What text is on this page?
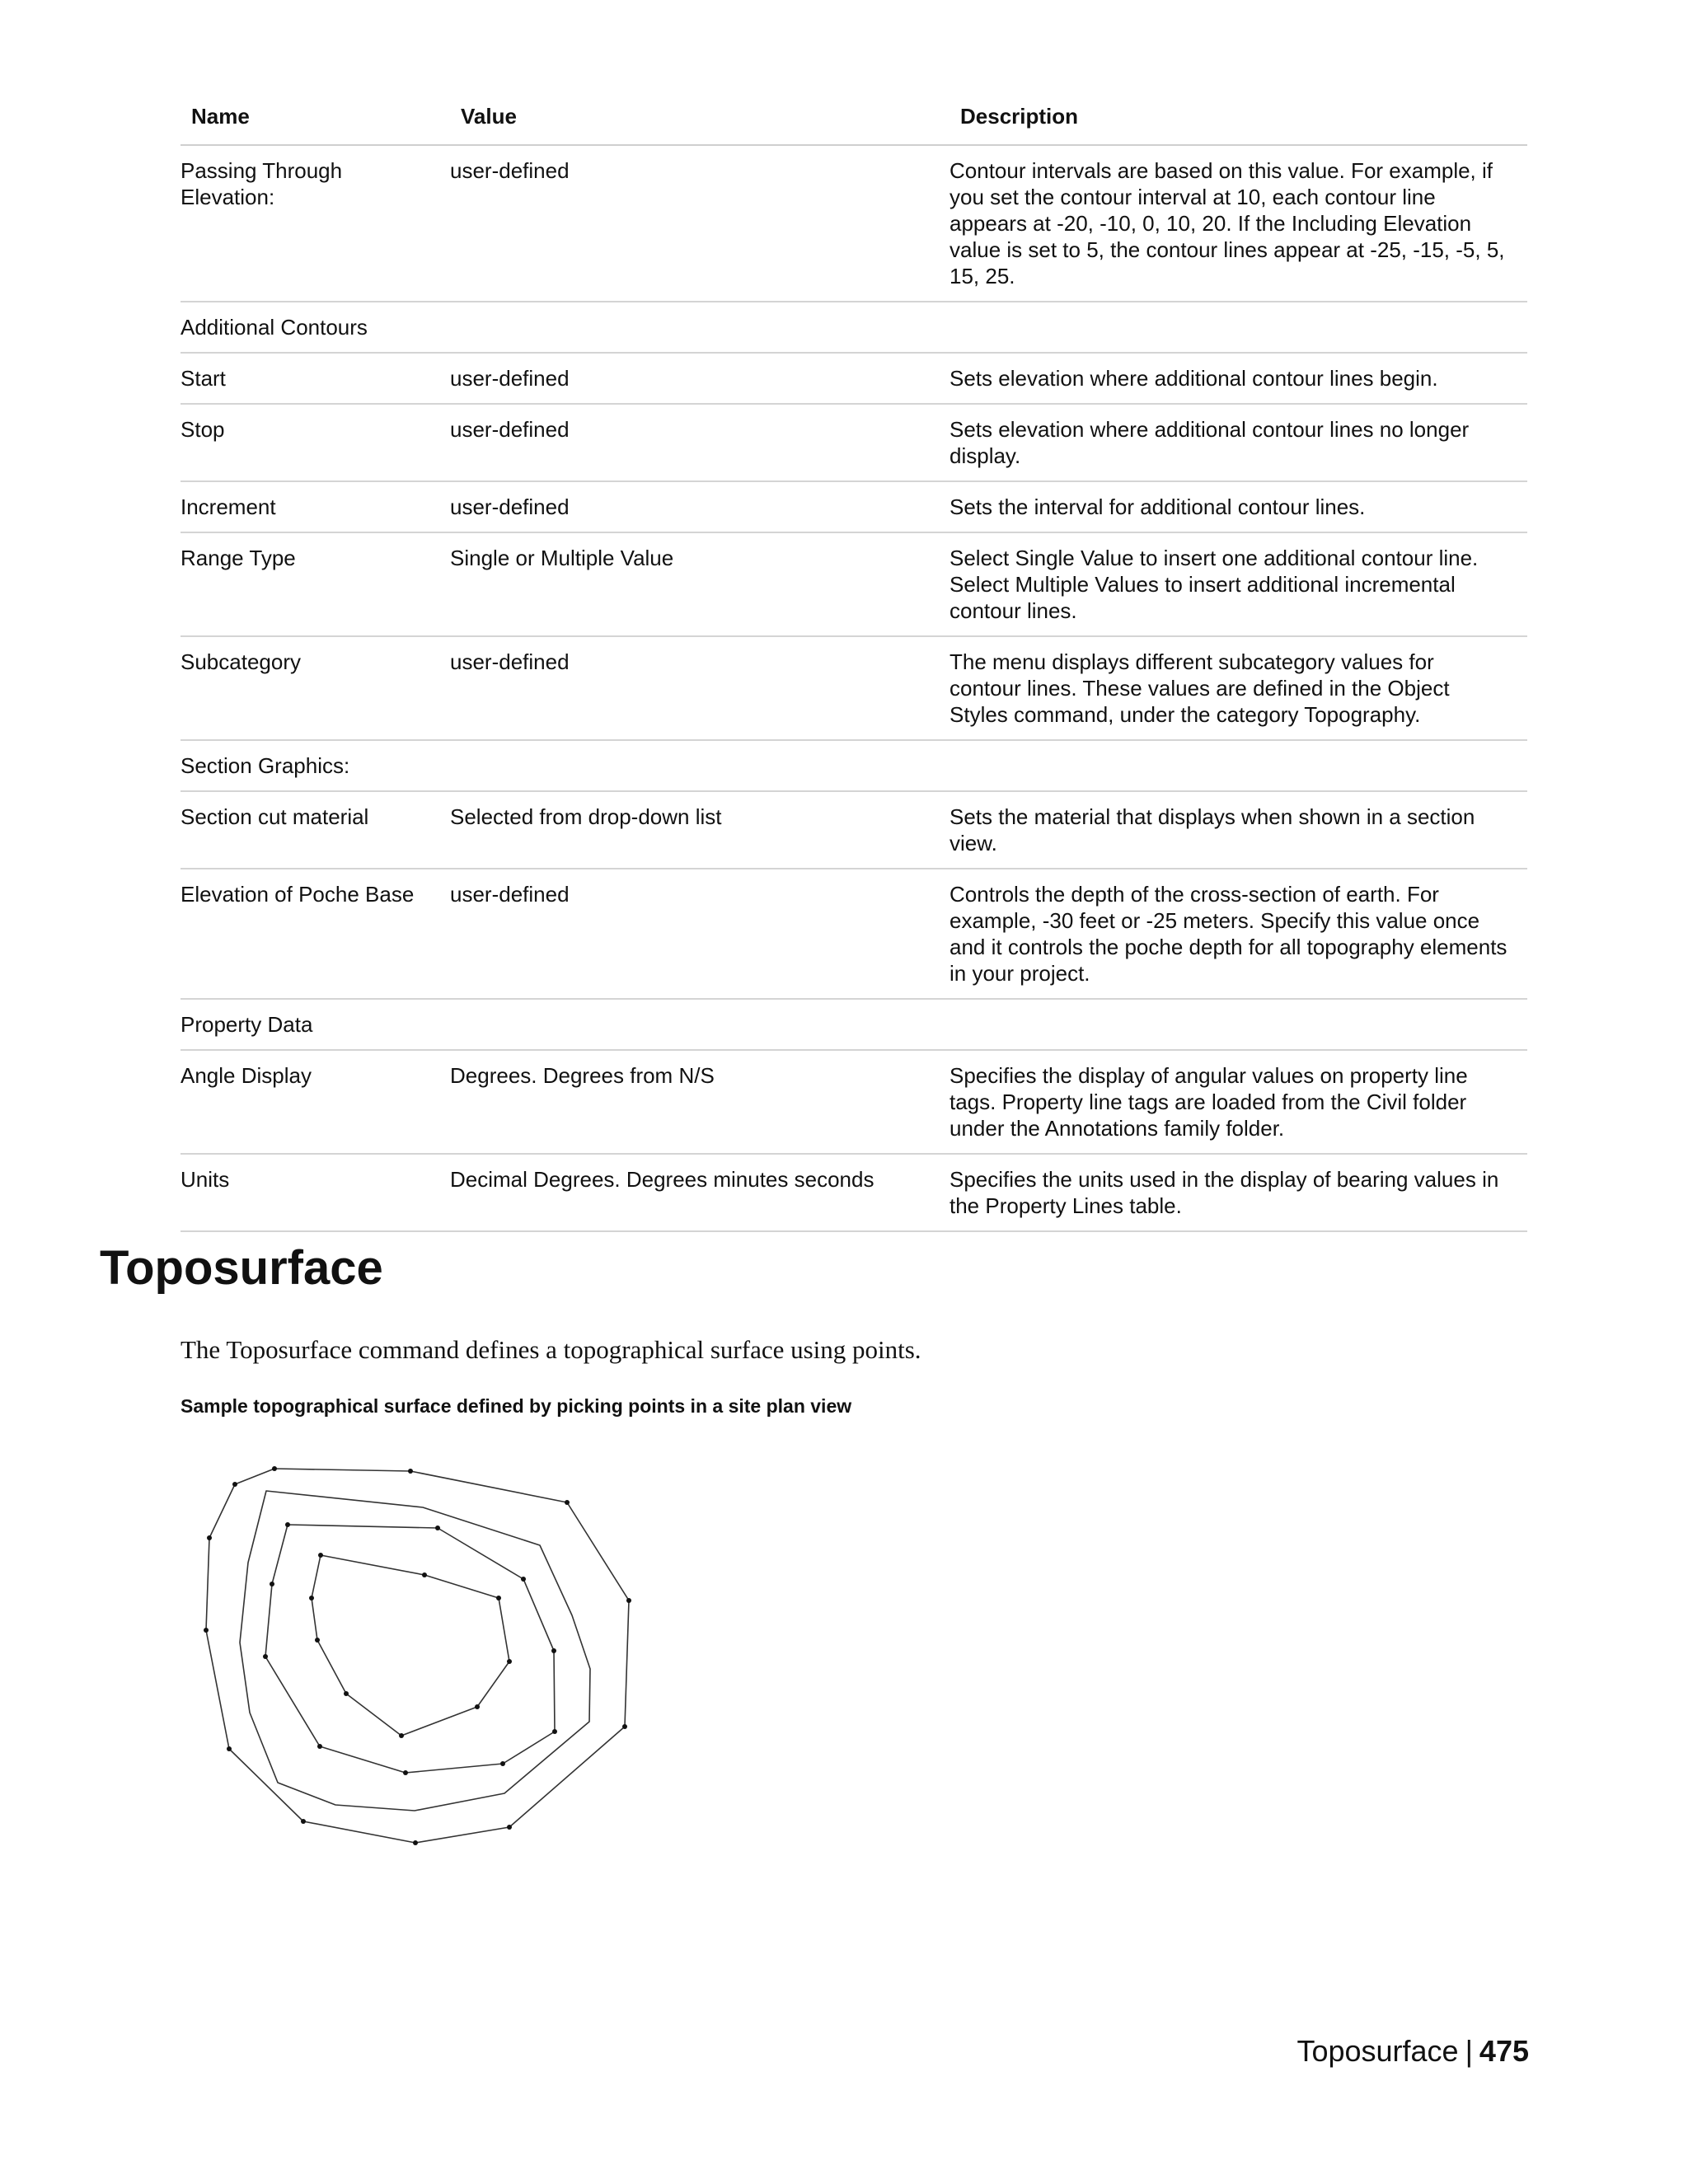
Name	Value	Description
Passing Through Elevation:	user-defined	Contour intervals are based on this value. For example, if you set the contour interval at 10, each contour line appears at -20, -10, 0, 10, 20. If the Including Elevation value is set to 5, the contour lines appear at -25, -15, -5, 5, 15, 25.
Additional Contours		
Start	user-defined	Sets elevation where additional contour lines begin.
Stop	user-defined	Sets elevation where additional contour lines no longer display.
Increment	user-defined	Sets the interval for additional contour lines.
Range Type	Single or Multiple Value	Select Single Value to insert one additional contour line. Select Multiple Values to insert additional incremental contour lines.
Subcategory	user-defined	The menu displays different subcategory values for contour lines. These values are defined in the Object Styles command, under the category Topography.
Section Graphics:		
Section cut material	Selected from drop-down list	Sets the material that displays when shown in a section view.
Elevation of Poche Base	user-defined	Controls the depth of the cross-section of earth. For example, -30 feet or -25 meters. Specify this value once and it controls the poche depth for all topography elements in your project.
Property Data		
Angle Display	Degrees. Degrees from N/S	Specifies the display of angular values on property line tags. Property line tags are loaded from the Civil folder under the Annotations family folder.
Units	Decimal Degrees. Degrees minutes seconds	Specifies the units used in the display of bearing values in the Property Lines table.
Toposurface

The Toposurface command defines a topographical surface using points.

Sample topographical surface defined by picking points in a site plan view

Toposurface | 475
